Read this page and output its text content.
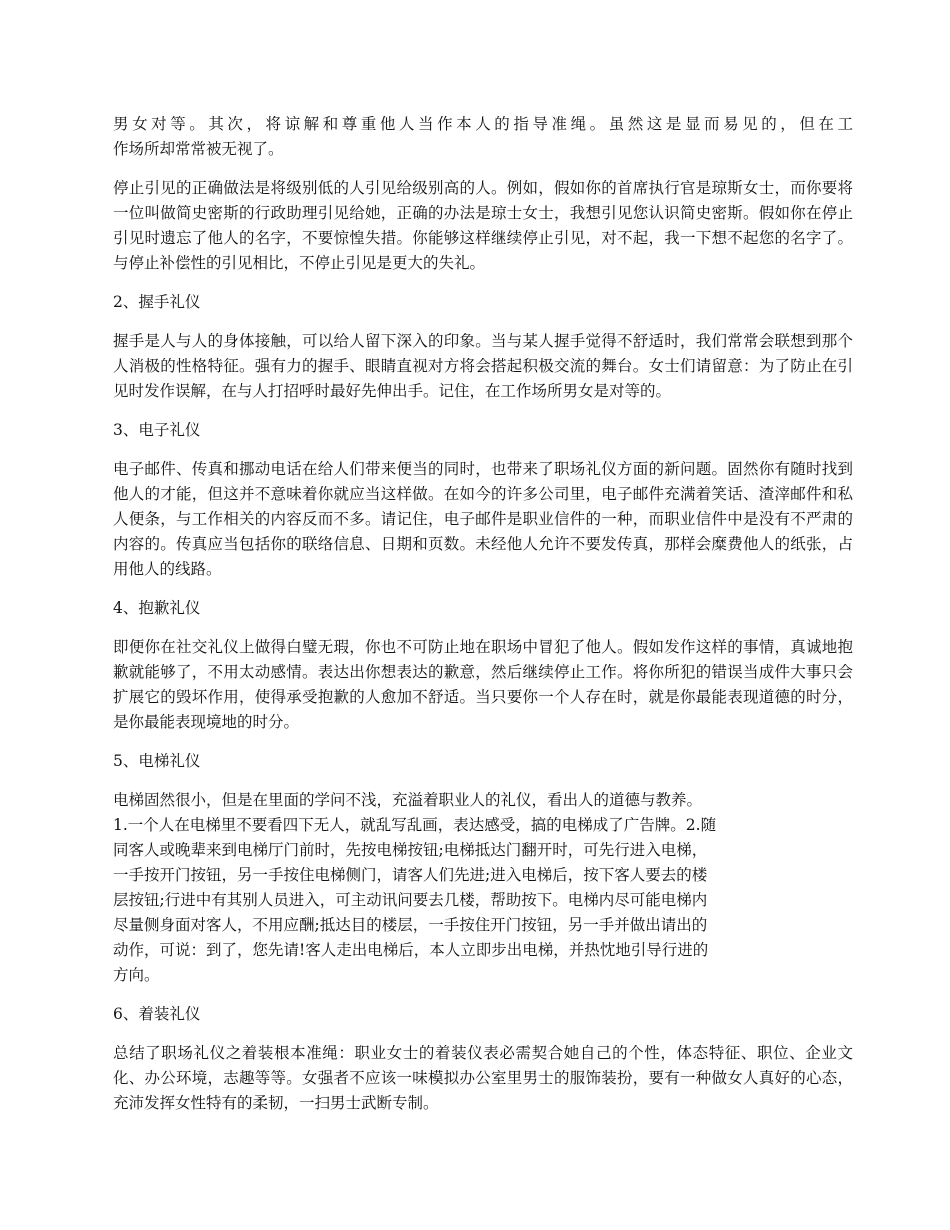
男女对等。其次，将谅解和尊重他人当作本人的指导准绳。虽然这是显而易见的，但在工
作场所却常常被无视了。

停止引见的正确做法是将级别低的人引见给级别高的人。例如，假如你的首席执行官是琼斯女士，而你要将一位叫做简史密斯的行政助理引见给她，正确的办法是琼士女士，我想引见您认识简史密斯。假如你在停止引见时遗忘了他人的名字，不要惊惶失措。你能够这样继续停止引见，对不起，我一下想不起您的名字了。与停止补偿性的引见相比，不停止引见是更大的失礼。

2、握手礼仪

握手是人与人的身体接触，可以给人留下深入的印象。当与某人握手觉得不舒适时，我们常常会联想到那个人消极的性格特征。强有力的握手、眼睛直视对方将会搭起积极交流的舞台。女士们请留意：为了防止在引见时发作误解，在与人打招呼时最好先伸出手。记住，在工作场所男女是对等的。

3、电子礼仪

电子邮件、传真和挪动电话在给人们带来便当的同时，也带来了职场礼仪方面的新问题。固然你有随时找到他人的才能，但这并不意味着你就应当这样做。在如今的许多公司里，电子邮件充满着笑话、渣滓邮件和私人便条，与工作相关的内容反而不多。请记住，电子邮件是职业信件的一种，而职业信件中是没有不严肃的内容的。传真应当包括你的联络信息、日期和页数。未经他人允许不要发传真，那样会糜费他人的纸张，占用他人的线路。

4、抱歉礼仪

即便你在社交礼仪上做得白璧无瑕，你也不可防止地在职场中冒犯了他人。假如发作这样的事情，真诚地抱歉就能够了，不用太动感情。表达出你想表达的歉意，然后继续停止工作。将你所犯的错误当成件大事只会扩展它的毁坏作用，使得承受抱歉的人愈加不舒适。当只要你一个人存在时，就是你最能表现道德的时分，是你最能表现境地的时分。

5、电梯礼仪

电梯固然很小，但是在里面的学问不浅，充溢着职业人的礼仪，看出人的道德与教养。
1.一个人在电梯里不要看四下无人，就乱写乱画，表达感受，搞的电梯成了广告牌。2.随
同客人或晚辈来到电梯厅门前时，先按电梯按钮;电梯抵达门翻开时，可先行进入电梯，
一手按开门按钮，另一手按住电梯侧门，请客人们先进;进入电梯后，按下客人要去的楼
层按钮;行进中有其别人员进入，可主动讯问要去几楼，帮助按下。电梯内尽可能电梯内
尽量侧身面对客人，不用应酬;抵达目的楼层，一手按住开门按钮，另一手并做出请出的
动作，可说：到了，您先请!客人走出电梯后，本人立即步出电梯，并热忱地引导行进的
方向。

6、着装礼仪

总结了职场礼仪之着装根本准绳：职业女士的着装仪表必需契合她自己的个性，体态特征、职位、企业文化、办公环境，志趣等等。女强者不应该一味模拟办公室里男士的服饰装扮，要有一种做女人真好的心态，充沛发挥女性特有的柔韧，一扫男士武断专制。
